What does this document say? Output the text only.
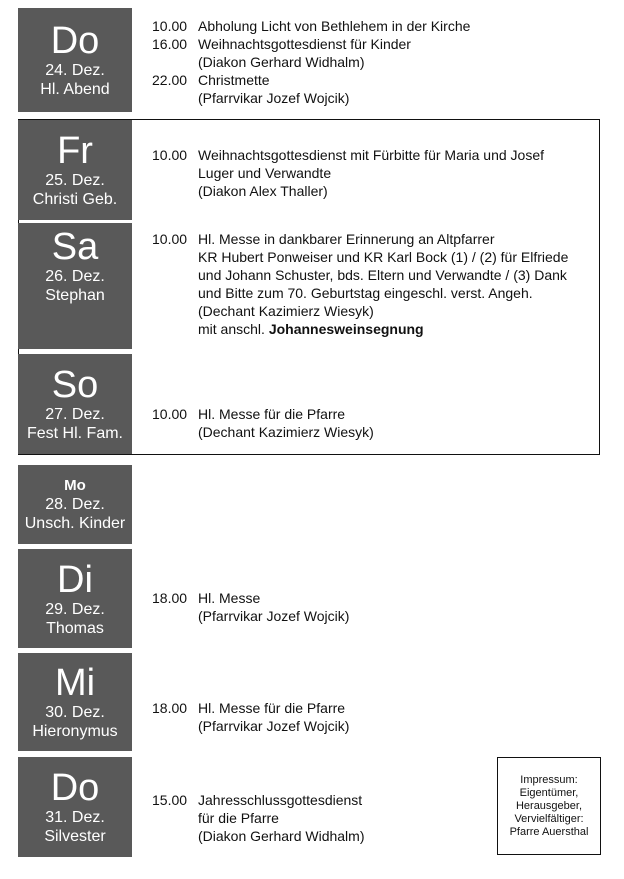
Do
24. Dez.
Hl. Abend
Fr
25. Dez.
Christi Geb.
Sa
26. Dez.
Stephan
So
27. Dez.
Fest Hl. Fam.
Mo
28. Dez.
Unsch. Kinder
Di
29. Dez.
Thomas
Mi
30. Dez.
Hieronymus
Do
31. Dez.
Silvester
10.00 Abholung Licht von Bethlehem in der Kirche
16.00 Weihnachtsgottesdienst für Kinder
(Diakon Gerhard Widhalm)
22.00 Christmette
(Pfarrvikar Jozef Wojcik)
10.00 Weihnachtsgottesdienst mit Fürbitte für Maria und Josef
Luger und Verwandte
(Diakon Alex Thaller)
10.00 Hl. Messe in dankbarer Erinnerung an Altpfarrer
KR Hubert Ponweiser und KR Karl Bock (1) / (2) für Elfriede
und Johann Schuster, bds. Eltern und Verwandte / (3) Dank
und Bitte zum 70. Geburtstag eingeschl. verst. Angeh.
(Dechant Kazimierz Wiesyk)
mit anschl. Johannesweinsegnung
10.00 Hl. Messe für die Pfarre
(Dechant Kazimierz Wiesyk)
18.00 Hl. Messe
(Pfarrvikar Jozef Wojcik)
18.00 Hl. Messe für die Pfarre
(Pfarrvikar Jozef Wojcik)
15.00 Jahresschlussgottesdienst
für die Pfarre
(Diakon Gerhard Widhalm)
Impressum:
Eigentümer,
Herausgeber,
Vervielfältiger:
Pfarre Auersthal
